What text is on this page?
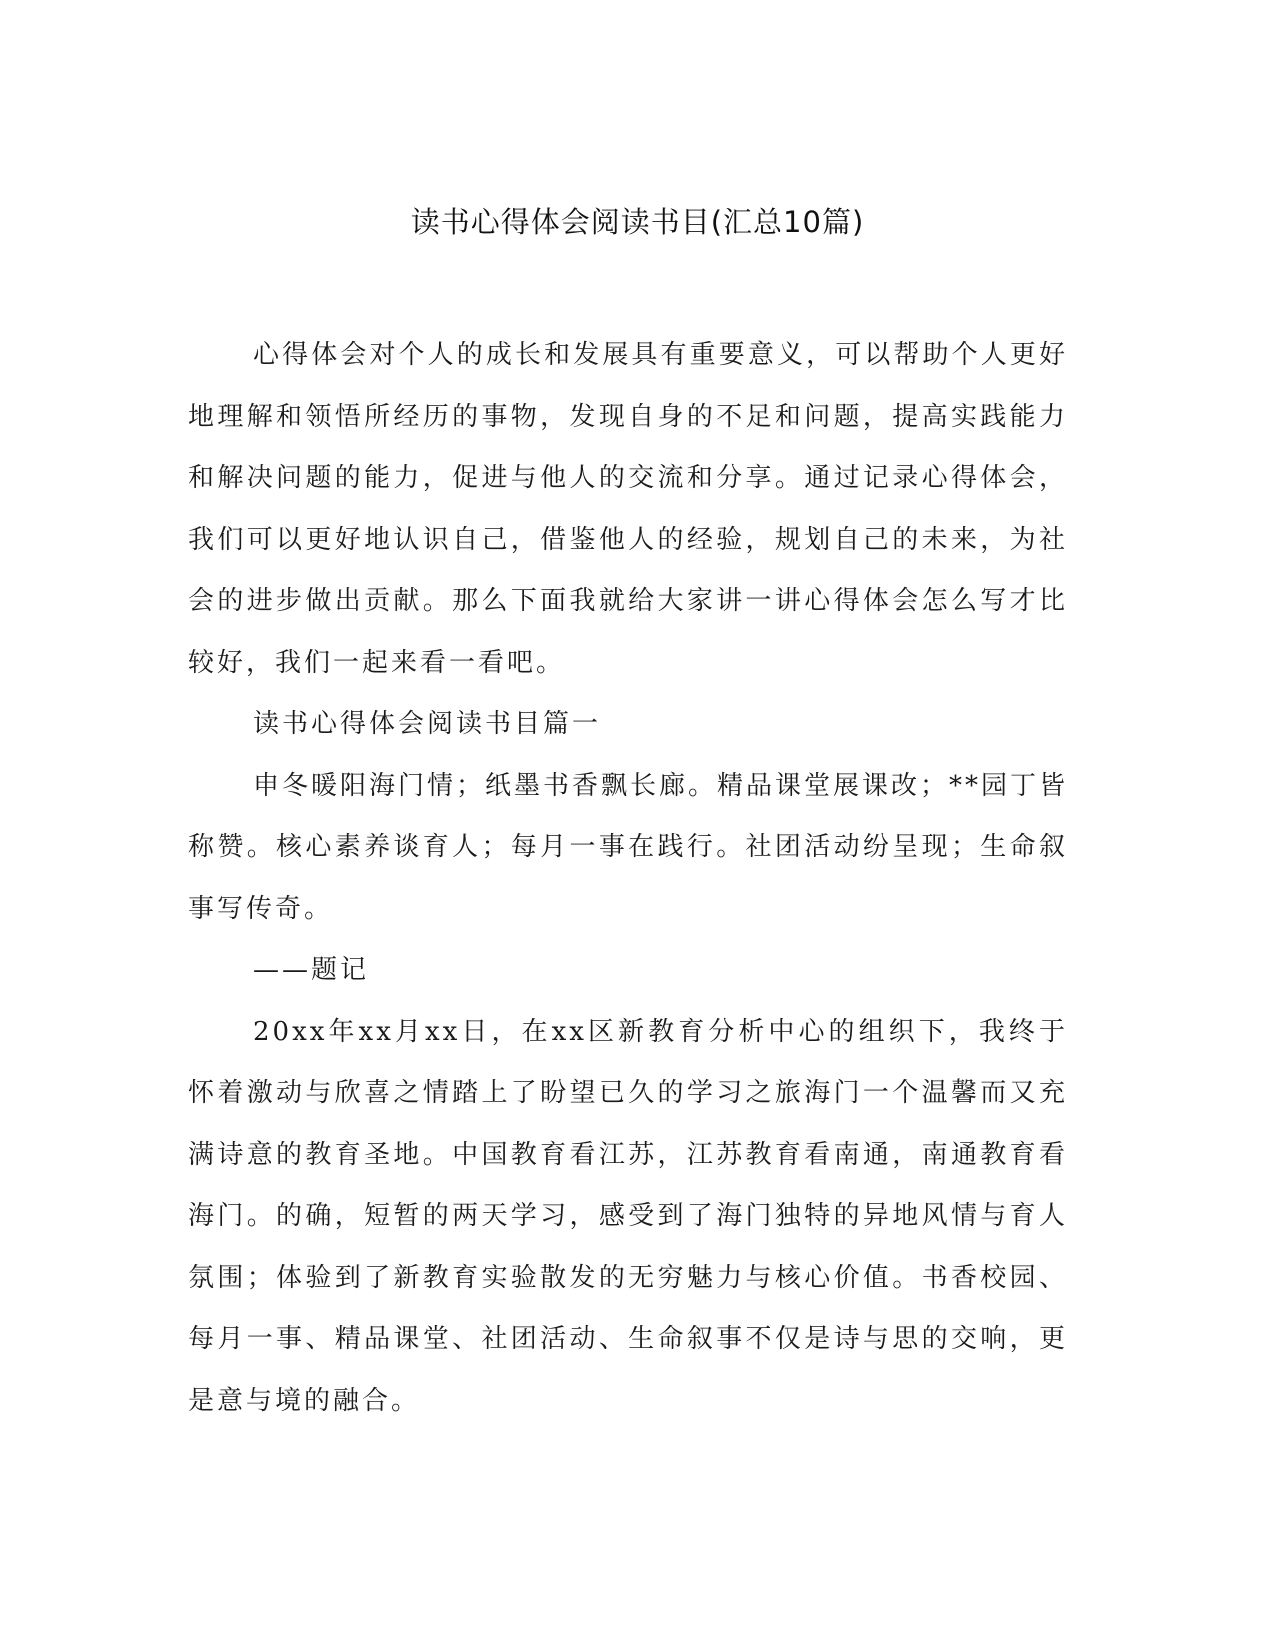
读书心得体会阅读书目(汇总10篇)

心得体会对个人的成长和发展具有重要意义，可以帮助个人更好地理解和领悟所经历的事物，发现自身的不足和问题，提高实践能力和解决问题的能力，促进与他人的交流和分享。通过记录心得体会，我们可以更好地认识自己，借鉴他人的经验，规划自己的未来，为社会的进步做出贡献。那么下面我就给大家讲一讲心得体会怎么写才比较好，我们一起来看一看吧。

读书心得体会阅读书目篇一

申冬暖阳海门情；纸墨书香飘长廊。精品课堂展课改；**园丁皆称赞。核心素养谈育人；每月一事在践行。社团活动纷呈现；生命叙事写传奇。

——题记

20xx年xx月xx日，在xx区新教育分析中心的组织下，我终于怀着激动与欣喜之情踏上了盼望已久的学习之旅海门一个温馨而又充满诗意的教育圣地。中国教育看江苏，江苏教育看南通，南通教育看海门。的确，短暂的两天学习，感受到了海门独特的异地风情与育人氛围；体验到了新教育实验散发的无穷魅力与核心价值。书香校园、每月一事、精品课堂、社团活动、生命叙事不仅是诗与思的交响，更是意与境的融合。
